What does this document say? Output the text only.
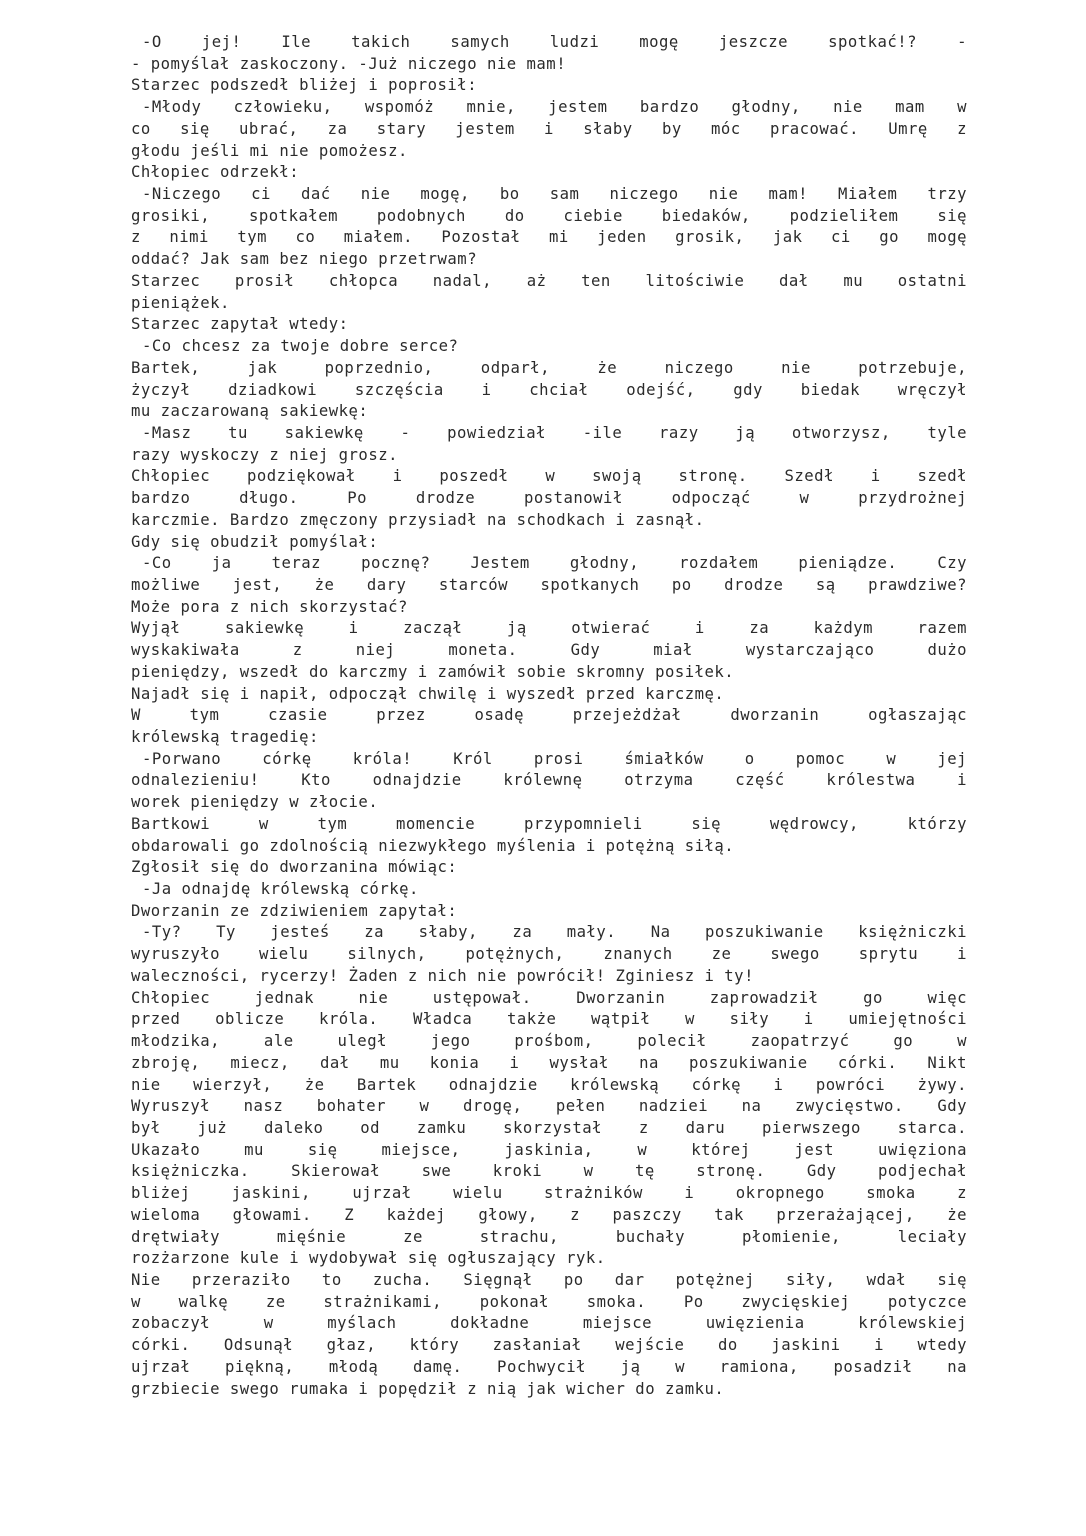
-O jej! Ile takich samych ludzi mogę jeszcze spotkać!? -
- pomyślał zaskoczony. -Już niczego nie mam!
Starzec podszedł bliżej i poprosił:
-Młody człowieku, wspomóż mnie, jestem bardzo głodny, nie mam w
co się ubrać, za stary jestem i słaby by móc pracować. Umrę z
głodu jeśli mi nie pomożesz.
Chłopiec odrzekł:
-Niczego ci dać nie mogę, bo sam niczego nie mam! Miałem trzy
grosiki, spotkałem podobnych do ciebie biedaków, podzieliłem się
z nimi tym co miałem. Pozostał mi jeden grosik, jak ci go mogę
oddać? Jak sam bez niego przetrwam?
Starzec prosił chłopca nadal, aż ten litościwie dał mu ostatni
pieniążek.
Starzec zapytał wtedy:
-Co chcesz za twoje dobre serce?
Bartek, jak poprzednio, odparł, że niczego nie potrzebuje,
życzył dziadkowi szczęścia i chciał odejść, gdy biedak wręczył
mu zaczarowaną sakiewkę:
-Masz tu sakiewkę - powiedział -ile razy ją otworzysz, tyle
razy wyskoczy z niej grosz.
Chłopiec podziękował i poszedł w swoją stronę. Szedł i szedł
bardzo długo. Po drodze postanowił odpocząć w przydrożnej
karczmie. Bardzo zmęczony przysiadł na schodkach i zasnął.
Gdy się obudził pomyślał:
-Co ja teraz pocznę? Jestem głodny, rozdałem pieniądze. Czy
możliwe jest, że dary starców spotkanych po drodze są prawdziwe?
Może pora z nich skorzystać?
Wyjął sakiewkę i zaczął ją otwierać i za każdym razem
wyskakiwała z niej moneta. Gdy miał wystarczająco dużo
pieniędzy, wszedł do karczmy i zamówił sobie skromny posiłek.
Najadł się i napił, odpoczął chwilę i wyszedł przed karczmę.
W tym czasie przez osadę przejeżdżał dworzanin ogłaszając
królewską tragedię:
-Porwano córkę króla! Król prosi śmiałków o pomoc w jej
odnalezieniu! Kto odnajdzie królewnę otrzyma część królestwa i
worek pieniędzy w złocie.
Bartkowi w tym momencie przypomnieli się wędrowcy, którzy
obdarowali go zdolnością niezwykłego myślenia i potężną siłą.
Zgłosił się do dworzanina mówiąc:
-Ja odnajdę królewską córkę.
Dworzanin ze zdziwieniem zapytał:
-Ty? Ty jesteś za słaby, za mały. Na poszukiwanie księżniczki
wyruszyło wielu silnych, potężnych, znanych ze swego sprytu i
waleczności, rycerzy! Żaden z nich nie powrócił! Zginiesz i ty!
Chłopiec jednak nie ustępował. Dworzanin zaprowadził go więc
przed oblicze króla. Władca także wątpił w siły i umiejętności
młodzika, ale uległ jego prośbom, polecił zaopatrzyć go w
zbroję, miecz, dał mu konia i wysłał na poszukiwanie córki. Nikt
nie wierzył, że Bartek odnajdzie królewską córkę i powróci żywy.
Wyruszył nasz bohater w drogę, pełen nadziei na zwycięstwo. Gdy
był już daleko od zamku skorzystał z daru pierwszego starca.
Ukazało mu się miejsce, jaskinia, w której jest uwięziona
księżniczka. Skierował swe kroki w tę stronę. Gdy podjechał
bliżej jaskini, ujrzał wielu strażników i okropnego smoka z
wieloma głowami. Z każdej głowy, z paszczy tak przerażającej, że
drętwiały mięśnie ze strachu, buchały płomienie, leciały
rozżarzone kule i wydobywał się ogłuszający ryk.
Nie przeraziło to zucha. Sięgnął po dar potężnej siły, wdał się
w walkę ze strażnikami, pokonał smoka. Po zwycięskiej potyczce
zobaczył w myślach dokładne miejsce uwięzienia królewskiej
córki. Odsunął głaz, który zasłaniał wejście do jaskini i wtedy
ujrzał piękną, młodą damę. Pochwycił ją w ramiona, posadził na
grzbiecie swego rumaka i popędził z nią jak wicher do zamku.
